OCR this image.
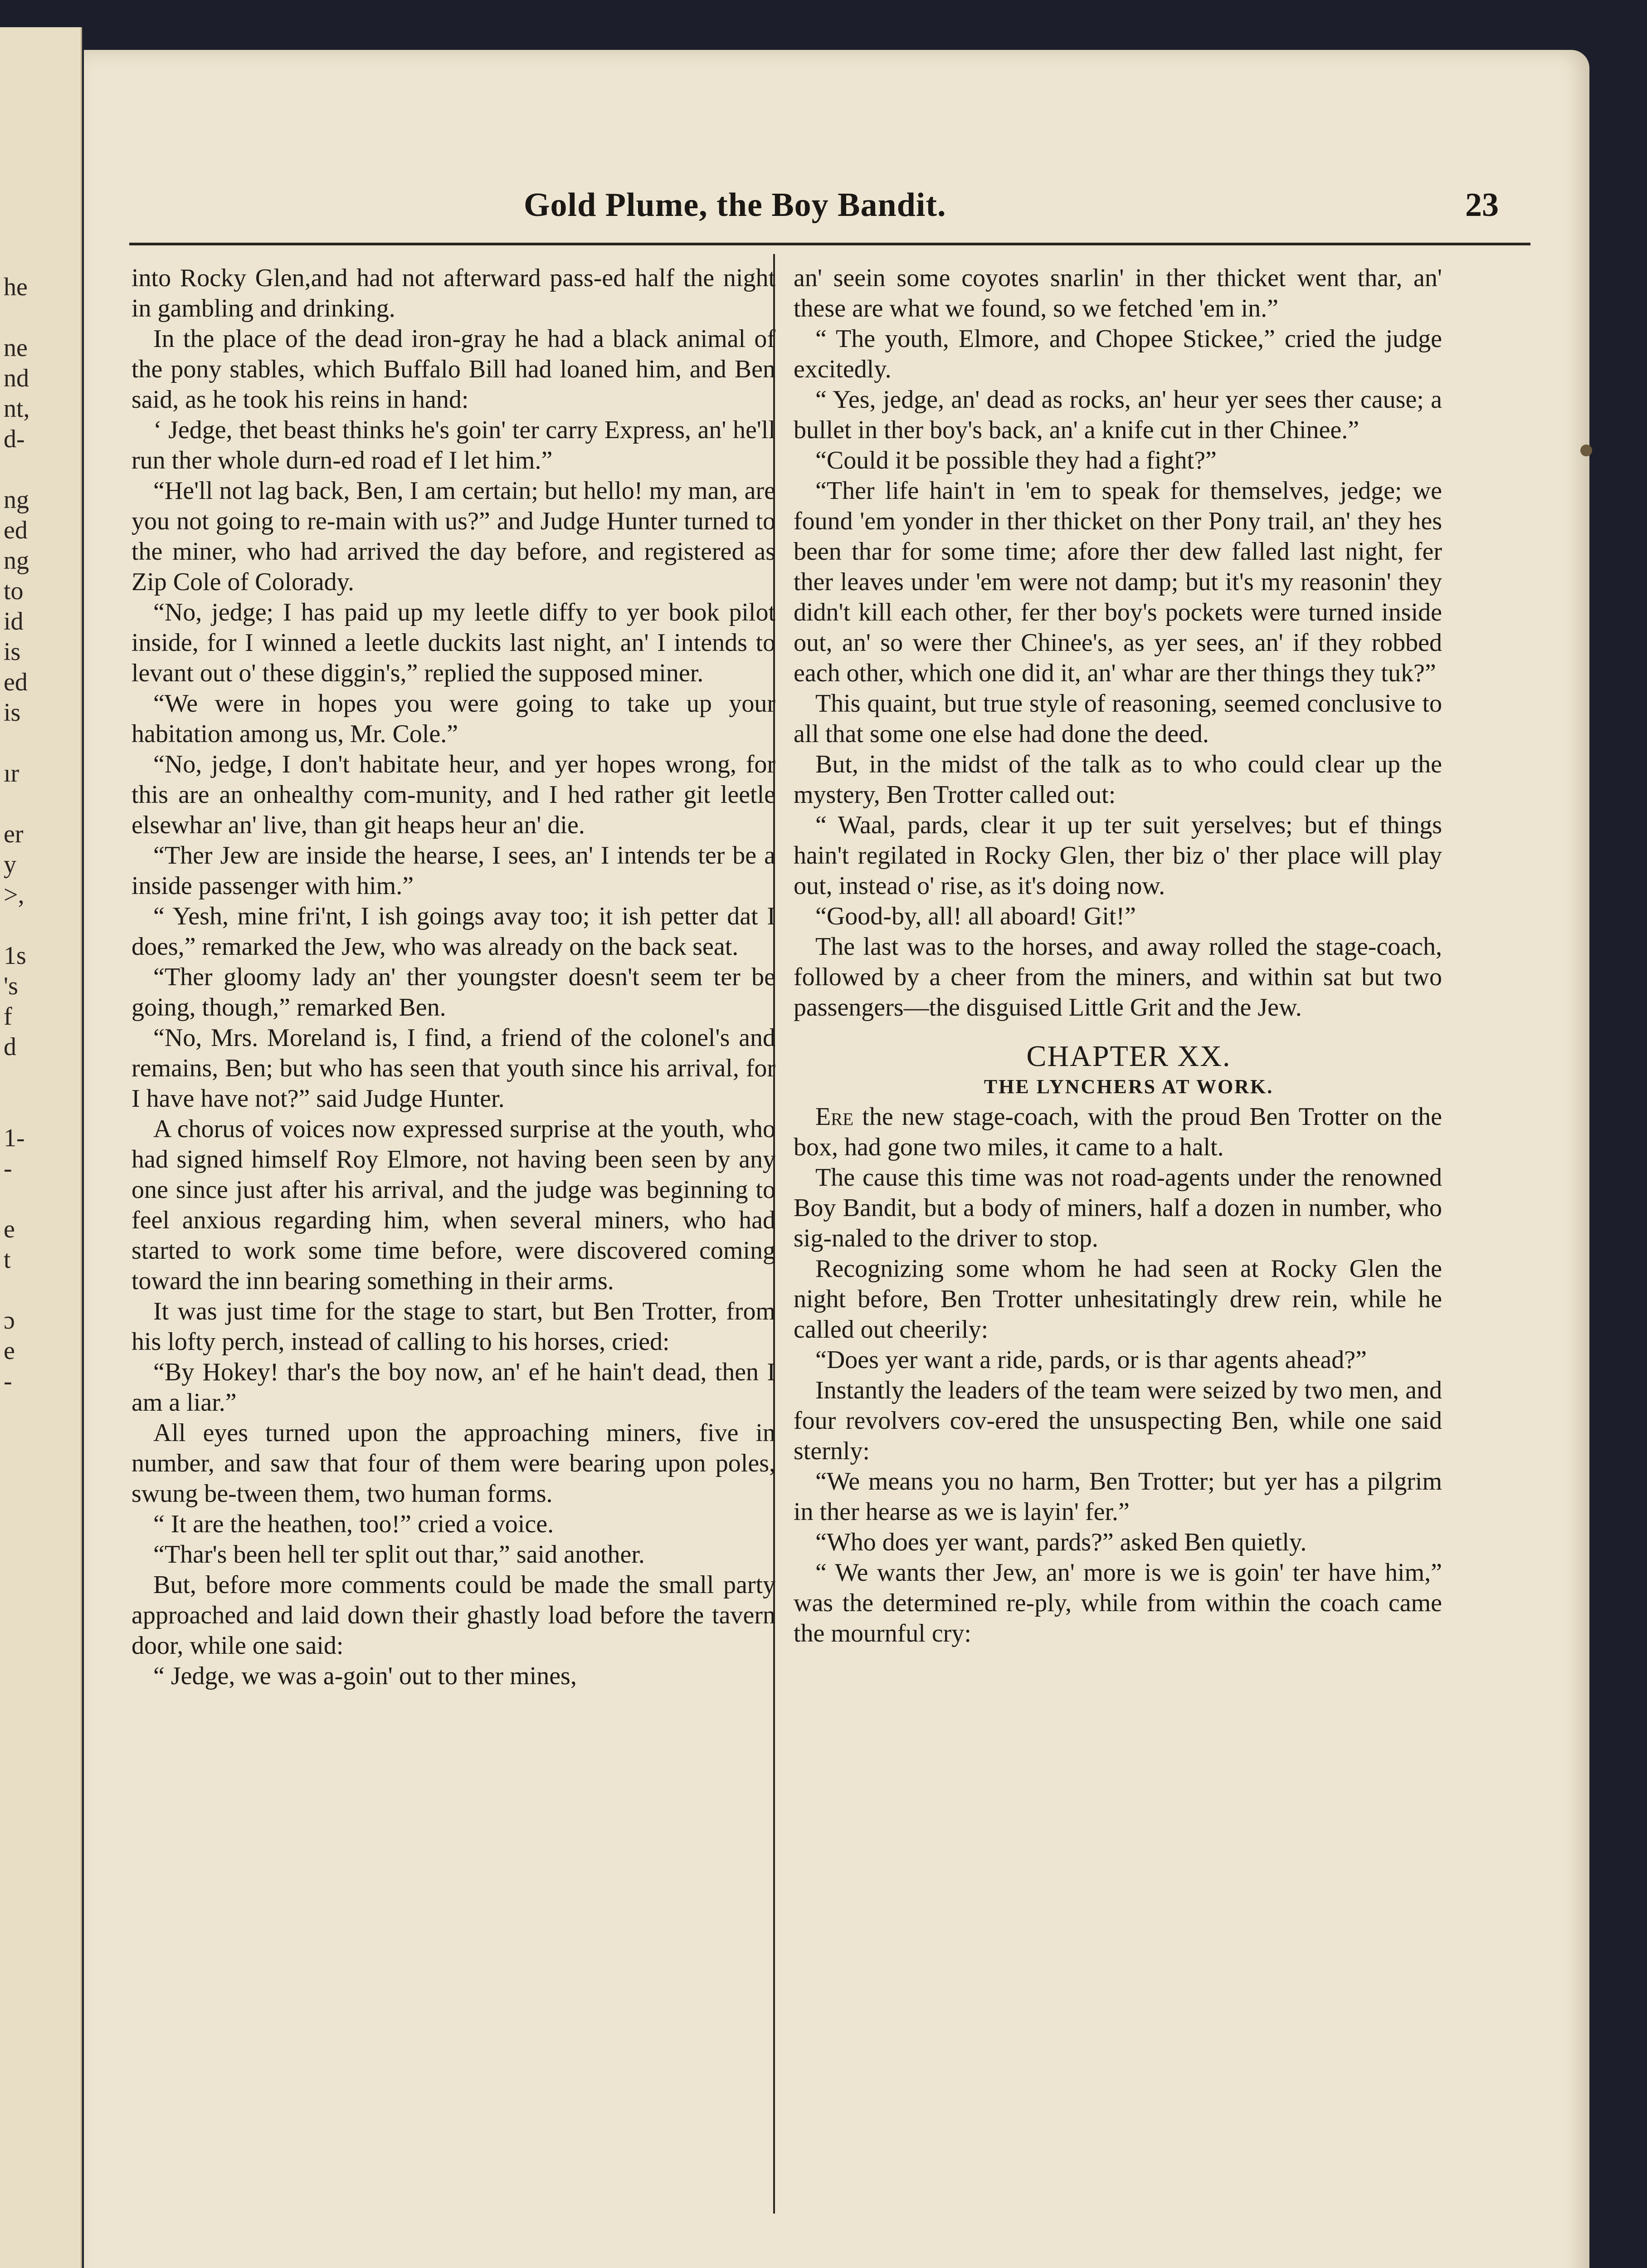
he
ne
nd
nt,
d-
ng
ed
ng
to
id
is
ed
is
ır
er
y
>,
1s
's
f
d
1-
-
e
t
ɔ
e
-
Gold Plume, the Boy Bandit.	23

into Rocky Glen,and had not afterward pass-ed half the night in gambling and drinking.

In the place of the dead iron-gray he had a black animal of the pony stables, which Buffalo Bill had loaned him, and Ben said, as he took his reins in hand:

‘ Jedge, thet beast thinks he's goin' ter carry Express, an' he'll run ther whole durn-ed road ef I let him.”

“He'll not lag back, Ben, I am certain; but hello! my man, are you not going to re-main with us?” and Judge Hunter turned to the miner, who had arrived the day before, and registered as Zip Cole of Colorady.

“No, jedge; I has paid up my leetle diffy to yer book pilot inside, for I winned a leetle duckits last night, an' I intends to levant out o' these diggin's,” replied the supposed miner.

“We were in hopes you were going to take up your habitation among us, Mr. Cole.”

“No, jedge, I don't habitate heur, and yer hopes wrong, for this are an onhealthy com-munity, and I hed rather git leetle elsewhar an' live, than git heaps heur an' die.

“Ther Jew are inside the hearse, I sees, an' I intends ter be a inside passenger with him.”

“ Yesh, mine fri'nt, I ish goings avay too; it ish petter dat I does,” remarked the Jew, who was already on the back seat.

“Ther gloomy lady an' ther youngster doesn't seem ter be going, though,” remarked Ben.

“No, Mrs. Moreland is, I find, a friend of the colonel's and remains, Ben; but who has seen that youth since his arrival, for I have have not?” said Judge Hunter.

A chorus of voices now expressed surprise at the youth, who had signed himself Roy Elmore, not having been seen by any one since just after his arrival, and the judge was beginning to feel anxious regarding him, when several miners, who had started to work some time before, were discovered coming toward the inn bearing something in their arms.

It was just time for the stage to start, but Ben Trotter, from his lofty perch, instead of calling to his horses, cried:

“By Hokey! thar's the boy now, an' ef he hain't dead, then I am a liar.”

All eyes turned upon the approaching miners, five in number, and saw that four of them were bearing upon poles, swung be-tween them, two human forms.

“ It are the heathen, too!” cried a voice.

“Thar's been hell ter split out thar,” said another.

But, before more comments could be made the small party approached and laid down their ghastly load before the tavern door, while one said:

“ Jedge, we was a-goin' out to ther mines,

an' seein some coyotes snarlin' in ther thicket went thar, an' these are what we found, so we fetched 'em in.”

“ The youth, Elmore, and Chopee Stickee,” cried the judge excitedly.

“ Yes, jedge, an' dead as rocks, an' heur yer sees ther cause; a bullet in ther boy's back, an' a knife cut in ther Chinee.”

“Could it be possible they had a fight?”

“Ther life hain't in 'em to speak for themselves, jedge; we found 'em yonder in ther thicket on ther Pony trail, an' they hes been thar for some time; afore ther dew falled last night, fer ther leaves under 'em were not damp; but it's my reasonin' they didn't kill each other, fer ther boy's pockets were turned inside out, an' so were ther Chinee's, as yer sees, an' if they robbed each other, which one did it, an' whar are ther things they tuk?”

This quaint, but true style of reasoning, seemed conclusive to all that some one else had done the deed.

But, in the midst of the talk as to who could clear up the mystery, Ben Trotter called out:

“ Waal, pards, clear it up ter suit yerselves; but ef things hain't regilated in Rocky Glen, ther biz o' ther place will play out, instead o' rise, as it's doing now.

“Good-by, all! all aboard! Git!”

The last was to the horses, and away rolled the stage-coach, followed by a cheer from the miners, and within sat but two passengers—the disguised Little Grit and the Jew.

CHAPTER XX.

THE LYNCHERS AT WORK.

Ere the new stage-coach, with the proud Ben Trotter on the box, had gone two miles, it came to a halt.

The cause this time was not road-agents under the renowned Boy Bandit, but a body of miners, half a dozen in number, who sig-naled to the driver to stop.

Recognizing some whom he had seen at Rocky Glen the night before, Ben Trotter unhesitatingly drew rein, while he called out cheerily:

“Does yer want a ride, pards, or is thar agents ahead?”

Instantly the leaders of the team were seized by two men, and four revolvers cov-ered the unsuspecting Ben, while one said sternly:

“We means you no harm, Ben Trotter; but yer has a pilgrim in ther hearse as we is layin' fer.”

“Who does yer want, pards?” asked Ben quietly.

“ We wants ther Jew, an' more is we is goin' ter have him,” was the determined re-ply, while from within the coach came the mournful cry:
